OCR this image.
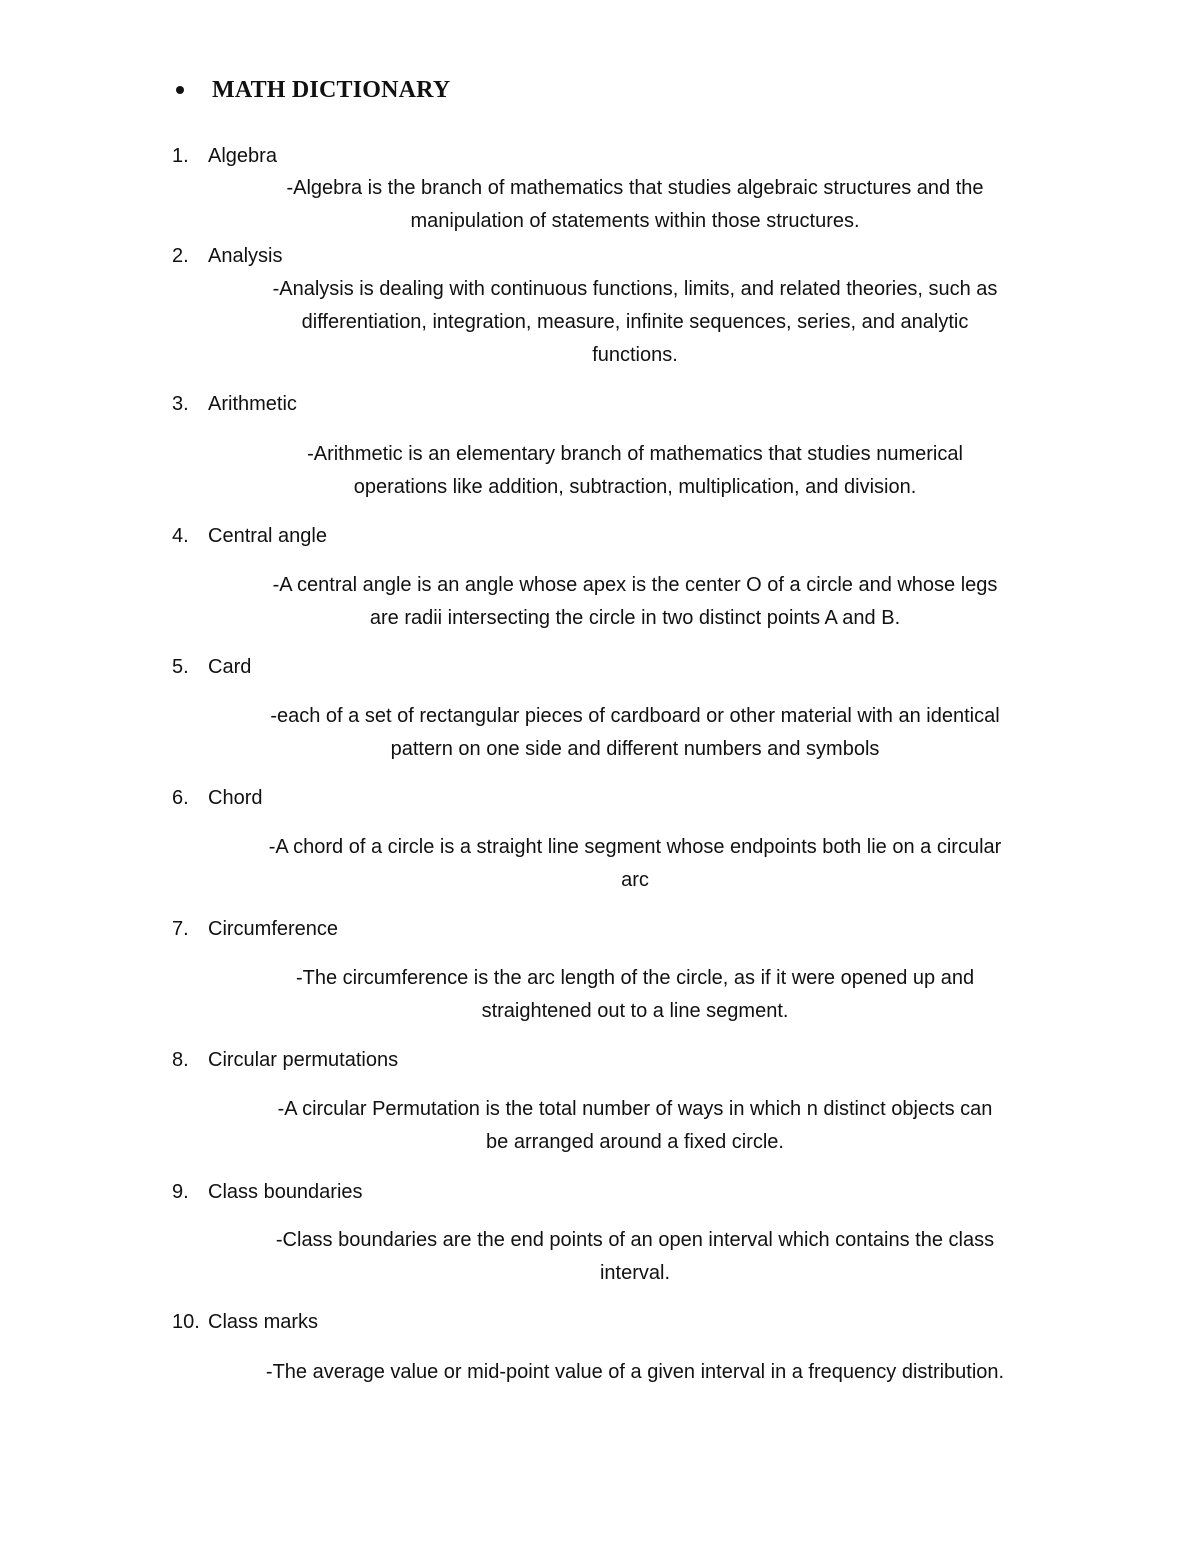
MATH DICTIONARY
1. Algebra
-Algebra is the branch of mathematics that studies algebraic structures and the
manipulation of statements within those structures.
2. Analysis
-Analysis is dealing with continuous functions, limits, and related theories, such as
differentiation, integration, measure, infinite sequences, series, and analytic
functions.
3. Arithmetic
-Arithmetic is an elementary branch of mathematics that studies numerical
operations like addition, subtraction, multiplication, and division.
4. Central angle
-A central angle is an angle whose apex is the center O of a circle and whose legs
are radii intersecting the circle in two distinct points A and B.
5. Card
-each of a set of rectangular pieces of cardboard or other material with an identical
pattern on one side and different numbers and symbols
6. Chord
-A chord of a circle is a straight line segment whose endpoints both lie on a circular
arc
7. Circumference
-The circumference is the arc length of the circle, as if it were opened up and
straightened out to a line segment.
8. Circular permutations
-A circular Permutation is the total number of ways in which n distinct objects can
be arranged around a fixed circle.
9. Class boundaries
-Class boundaries are the end points of an open interval which contains the class
interval.
10. Class marks
-The average value or mid-point value of a given interval in a frequency distribution.
